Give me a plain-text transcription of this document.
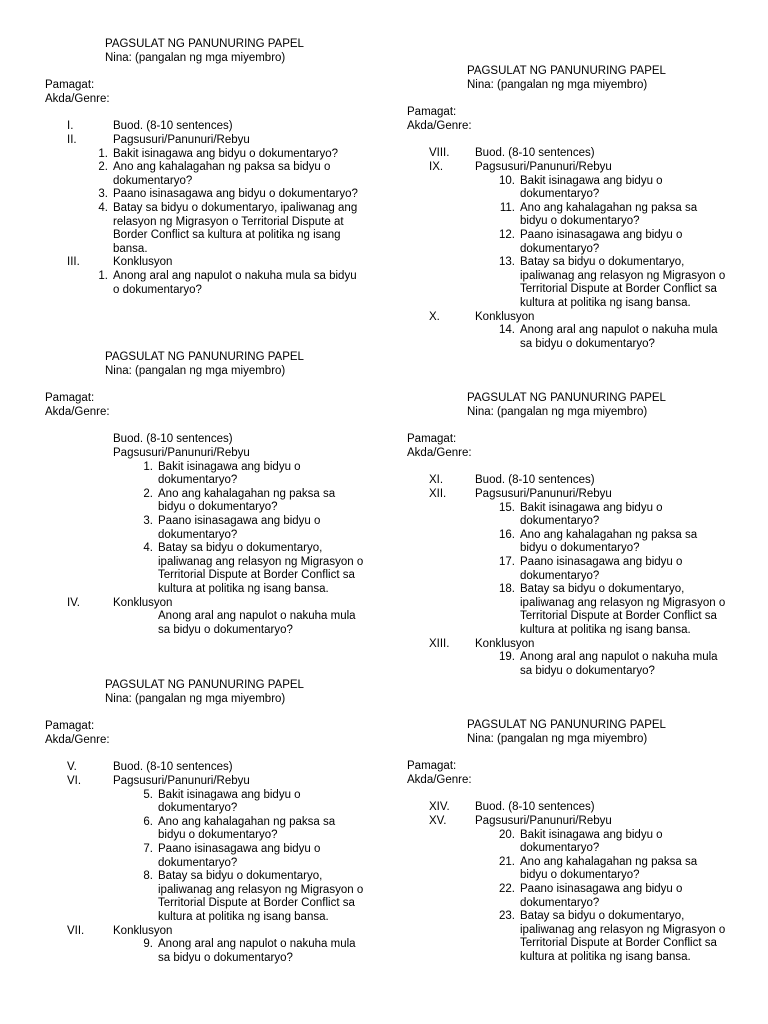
PAGSULAT NG PANUNURING PAPEL
Nina: (pangalan ng mga miyembro)
Pamagat:
Akda/Genre:
I.	Buod. (8-10 sentences)
II.	Pagsusuri/Panunuri/Rebyu
1. Bakit isinagawa ang bidyu o dokumentaryo?
2. Ano ang kahalagahan ng paksa sa bidyu o dokumentaryo?
3. Paano isinasagawa ang bidyu o dokumentaryo?
4. Batay sa bidyu o dokumentaryo, ipaliwanag ang relasyon ng Migrasyon o Territorial Dispute at Border Conflict sa kultura at politika ng isang bansa.
III.	Konklusyon
1. Anong aral ang napulot o nakuha mula sa bidyu o dokumentaryo?
PAGSULAT NG PANUNURING PAPEL
Nina: (pangalan ng mga miyembro)
Pamagat:
Akda/Genre:
Buod. (8-10 sentences)
Pagsusuri/Panunuri/Rebyu
1. Bakit isinagawa ang bidyu o dokumentaryo?
2. Ano ang kahalagahan ng paksa sa bidyu o dokumentaryo?
3. Paano isinasagawa ang bidyu o dokumentaryo?
4. Batay sa bidyu o dokumentaryo, ipaliwanag ang relasyon ng Migrasyon o Territorial Dispute at Border Conflict sa kultura at politika ng isang bansa.
IV.	Konklusyon
Anong aral ang napulot o nakuha mula sa bidyu o dokumentaryo?
PAGSULAT NG PANUNURING PAPEL
Nina: (pangalan ng mga miyembro)
Pamagat:
Akda/Genre:
V.	Buod. (8-10 sentences)
VI.	Pagsusuri/Panunuri/Rebyu
5. Bakit isinagawa ang bidyu o dokumentaryo?
6. Ano ang kahalagahan ng paksa sa bidyu o dokumentaryo?
7. Paano isinasagawa ang bidyu o dokumentaryo?
8. Batay sa bidyu o dokumentaryo, ipaliwanag ang relasyon ng Migrasyon o Territorial Dispute at Border Conflict sa kultura at politika ng isang bansa.
VII.	Konklusyon
9. Anong aral ang napulot o nakuha mula sa bidyu o dokumentaryo?
PAGSULAT NG PANUNURING PAPEL
Nina: (pangalan ng mga miyembro)
Pamagat:
Akda/Genre:
VIII.	Buod. (8-10 sentences)
IX.	Pagsusuri/Panunuri/Rebyu
10. Bakit isinagawa ang bidyu o dokumentaryo?
11. Ano ang kahalagahan ng paksa sa bidyu o dokumentaryo?
12. Paano isinasagawa ang bidyu o dokumentaryo?
13. Batay sa bidyu o dokumentaryo, ipaliwanag ang relasyon ng Migrasyon o Territorial Dispute at Border Conflict sa kultura at politika ng isang bansa.
X.	Konklusyon
14. Anong aral ang napulot o nakuha mula sa bidyu o dokumentaryo?
PAGSULAT NG PANUNURING PAPEL
Nina: (pangalan ng mga miyembro)
Pamagat:
Akda/Genre:
XI.	Buod. (8-10 sentences)
XII.	Pagsusuri/Panunuri/Rebyu
15. Bakit isinagawa ang bidyu o dokumentaryo?
16. Ano ang kahalagahan ng paksa sa bidyu o dokumentaryo?
17. Paano isinasagawa ang bidyu o dokumentaryo?
18. Batay sa bidyu o dokumentaryo, ipaliwanag ang relasyon ng Migrasyon o Territorial Dispute at Border Conflict sa kultura at politika ng isang bansa.
XIII.	Konklusyon
19. Anong aral ang napulot o nakuha mula sa bidyu o dokumentaryo?
PAGSULAT NG PANUNURING PAPEL
Nina: (pangalan ng mga miyembro)
Pamagat:
Akda/Genre:
XIV.	Buod. (8-10 sentences)
XV.	Pagsusuri/Panunuri/Rebyu
20. Bakit isinagawa ang bidyu o dokumentaryo?
21. Ano ang kahalagahan ng paksa sa bidyu o dokumentaryo?
22. Paano isinasagawa ang bidyu o dokumentaryo?
23. Batay sa bidyu o dokumentaryo, ipaliwanag ang relasyon ng Migrasyon o Territorial Dispute at Border Conflict sa kultura at politika ng isang bansa.
